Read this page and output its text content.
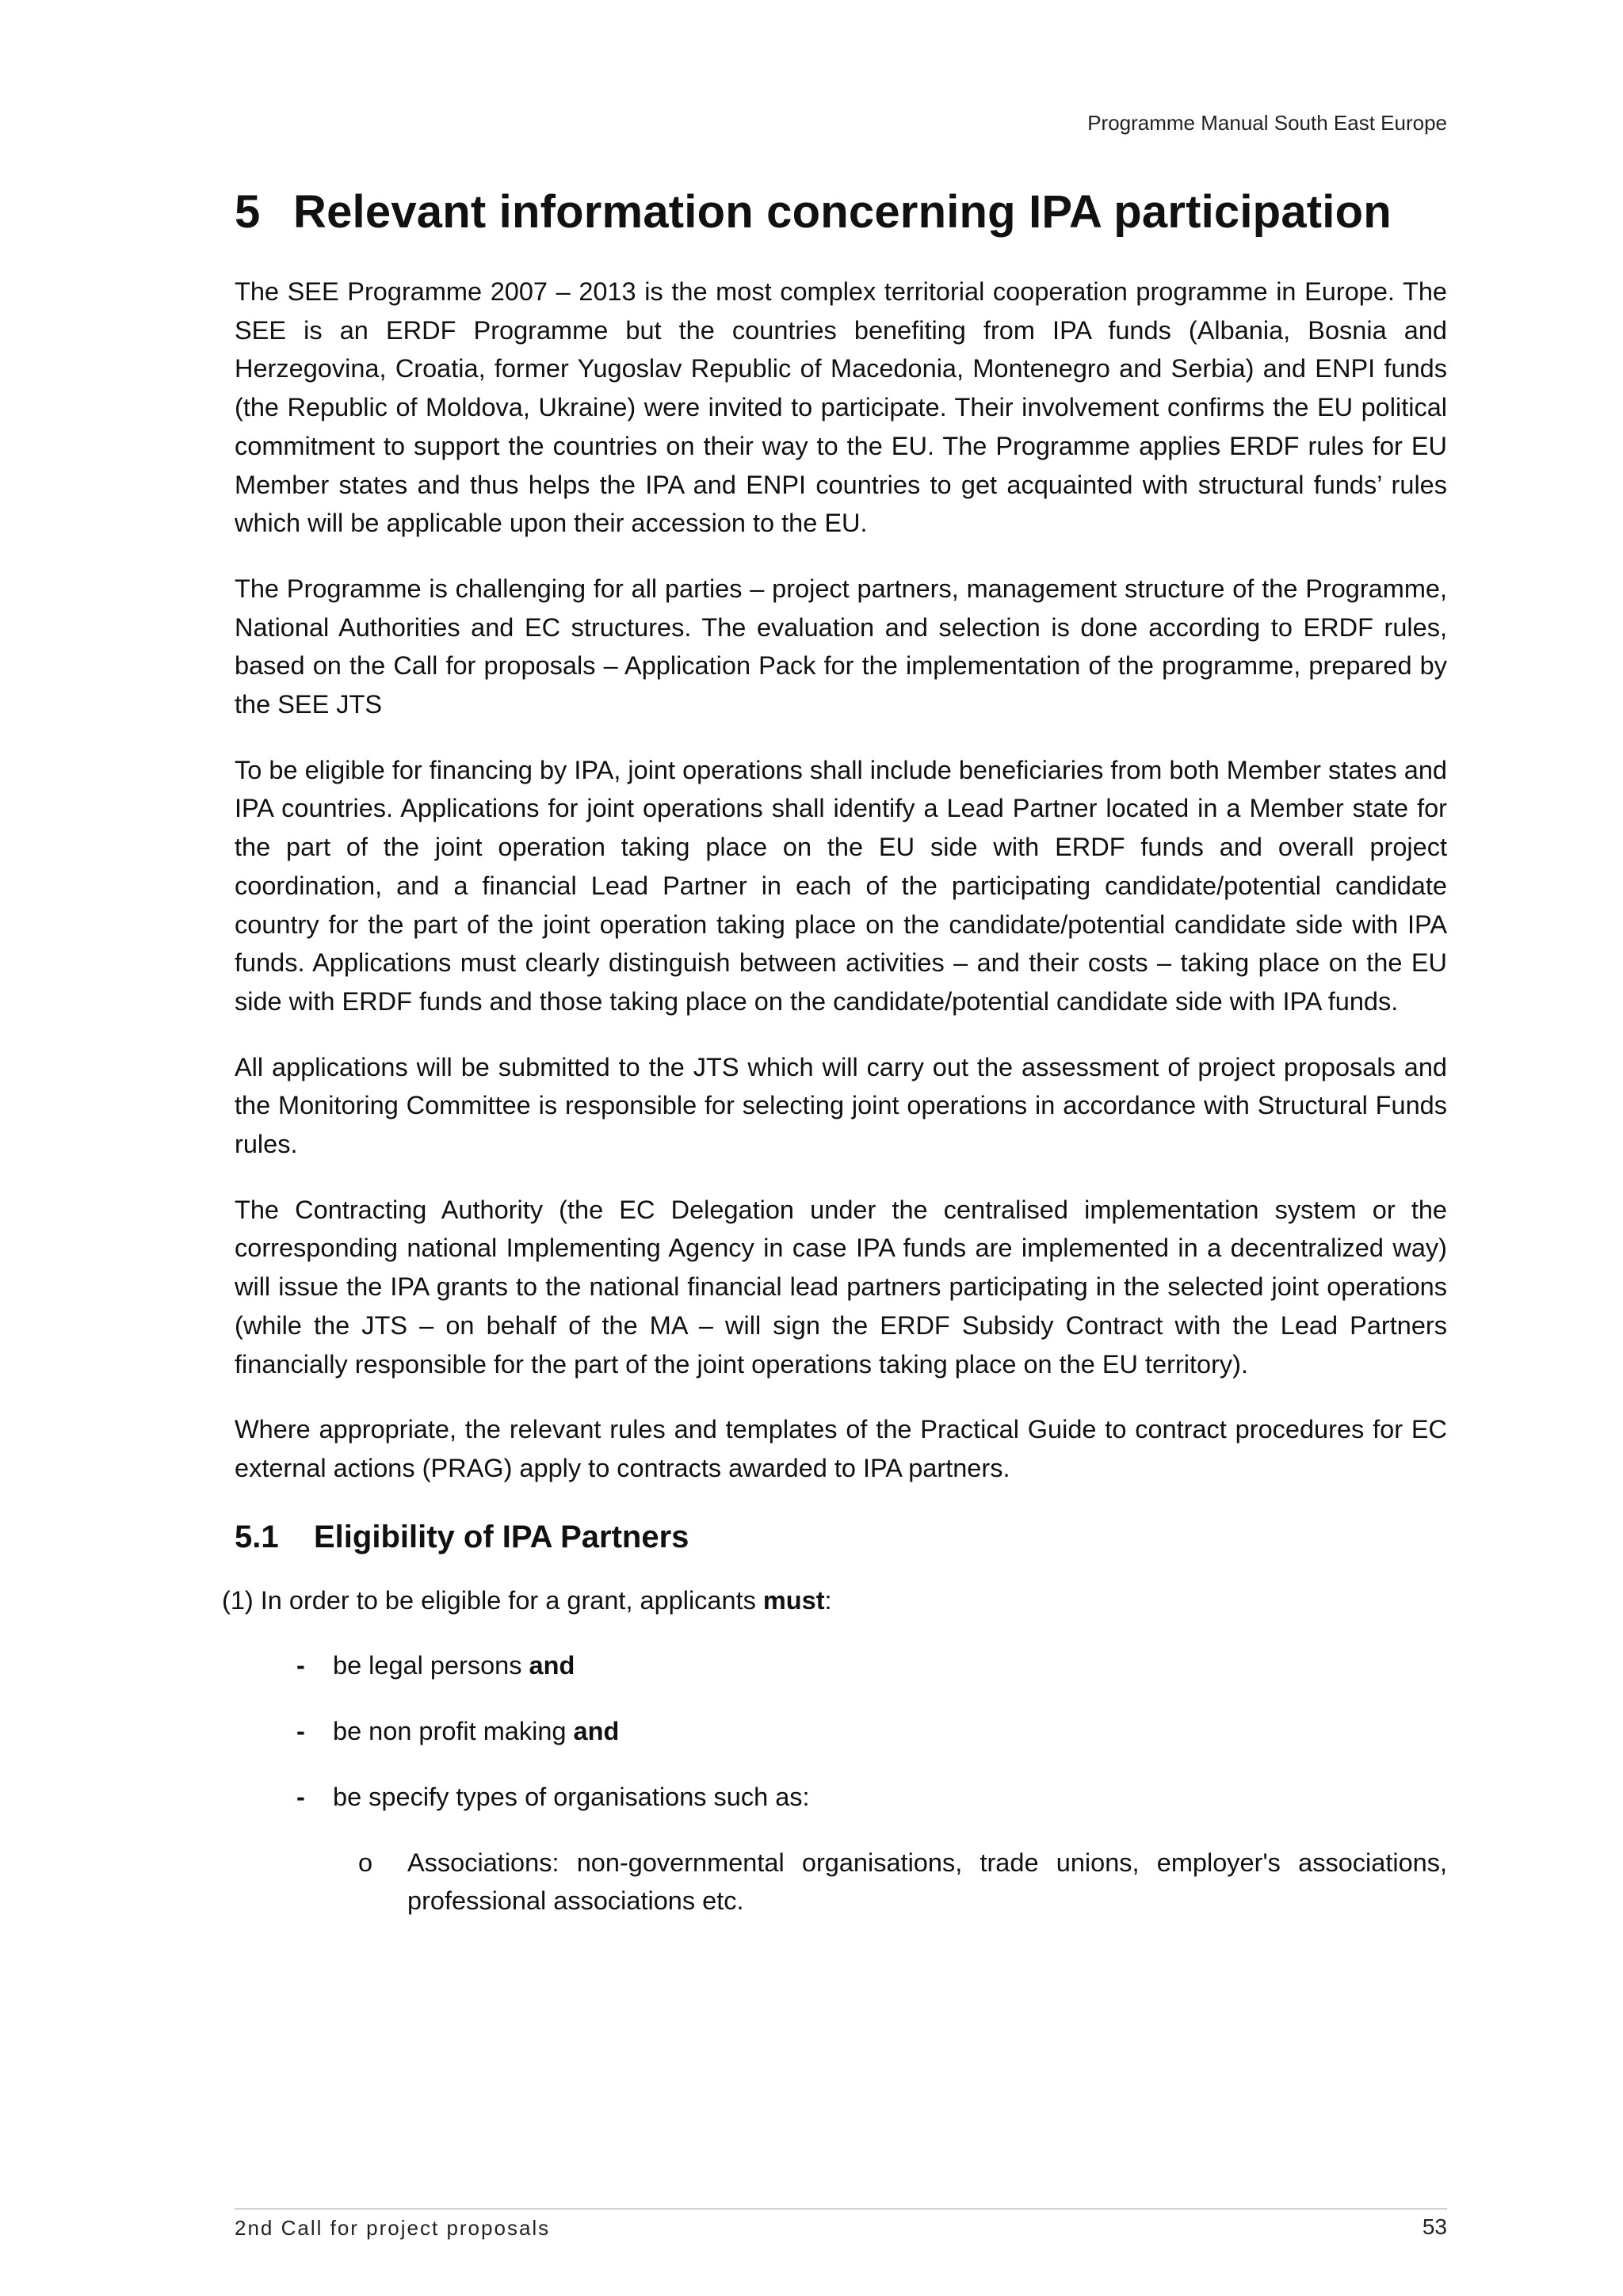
Programme Manual South East Europe
5 Relevant information concerning IPA participation

The SEE Programme 2007 – 2013 is the most complex territorial cooperation programme in Europe. The SEE is an ERDF Programme but the countries benefiting from IPA funds (Albania, Bosnia and Herzegovina, Croatia, former Yugoslav Republic of Macedonia, Montenegro and Serbia) and ENPI funds (the Republic of Moldova, Ukraine) were invited to participate. Their involvement confirms the EU political commitment to support the countries on their way to the EU. The Programme applies ERDF rules for EU Member states and thus helps the IPA and ENPI countries to get acquainted with structural funds’ rules which will be applicable upon their accession to the EU.

The Programme is challenging for all parties – project partners, management structure of the Programme, National Authorities and EC structures. The evaluation and selection is done according to ERDF rules, based on the Call for proposals – Application Pack for the implementation of the programme, prepared by the SEE JTS

To be eligible for financing by IPA, joint operations shall include beneficiaries from both Member states and IPA countries. Applications for joint operations shall identify a Lead Partner located in a Member state for the part of the joint operation taking place on the EU side with ERDF funds and overall project coordination, and a financial Lead Partner in each of the participating candidate/potential candidate country for the part of the joint operation taking place on the candidate/potential candidate side with IPA funds. Applications must clearly distinguish between activities – and their costs – taking place on the EU side with ERDF funds and those taking place on the candidate/potential candidate side with IPA funds.

All applications will be submitted to the JTS which will carry out the assessment of project proposals and the Monitoring Committee is responsible for selecting joint operations in accordance with Structural Funds rules.

The Contracting Authority (the EC Delegation under the centralised implementation system or the corresponding national Implementing Agency in case IPA funds are implemented in a decentralized way) will issue the IPA grants to the national financial lead partners participating in the selected joint operations (while the JTS – on behalf of the MA – will sign the ERDF Subsidy Contract with the Lead Partners financially responsible for the part of the joint operations taking place on the EU territory).

Where appropriate, the relevant rules and templates of the Practical Guide to contract procedures for EC external actions (PRAG) apply to contracts awarded to IPA partners.

5.1 Eligibility of IPA Partners
(1) In order to be eligible for a grant, applicants must:
- be legal persons and
- be non profit making and
- be specify types of organisations such as:
o Associations: non-governmental organisations, trade unions, employer's associations, professional associations etc.
2nd Call for project proposals	53
